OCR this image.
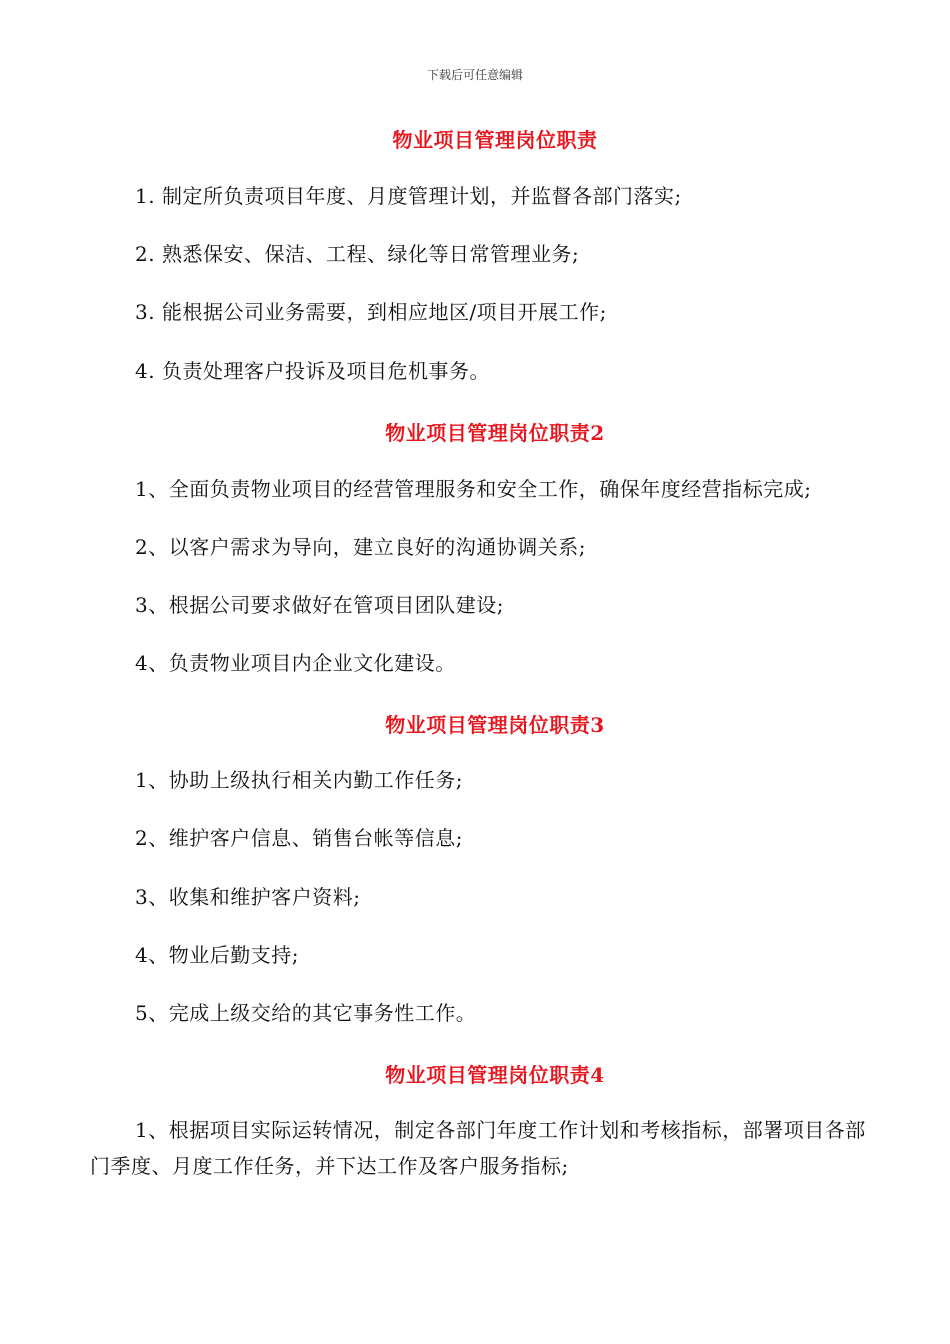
下载后可任意编辑
物业项目管理岗位职责
1. 制定所负责项目年度、月度管理计划，并监督各部门落实;
2. 熟悉保安、保洁、工程、绿化等日常管理业务;
3. 能根据公司业务需要，到相应地区/项目开展工作;
4. 负责处理客户投诉及项目危机事务。
物业项目管理岗位职责2
1、全面负责物业项目的经营管理服务和安全工作，确保年度经营指标完成;
2、以客户需求为导向，建立良好的沟通协调关系;
3、根据公司要求做好在管项目团队建设;
4、负责物业项目内企业文化建设。
物业项目管理岗位职责3
1、协助上级执行相关内勤工作任务;
2、维护客户信息、销售台帐等信息;
3、收集和维护客户资料;
4、物业后勤支持;
5、完成上级交给的其它事务性工作。
物业项目管理岗位职责4
1、根据项目实际运转情况，制定各部门年度工作计划和考核指标，部署项目各部门季度、月度工作任务，并下达工作及客户服务指标;
